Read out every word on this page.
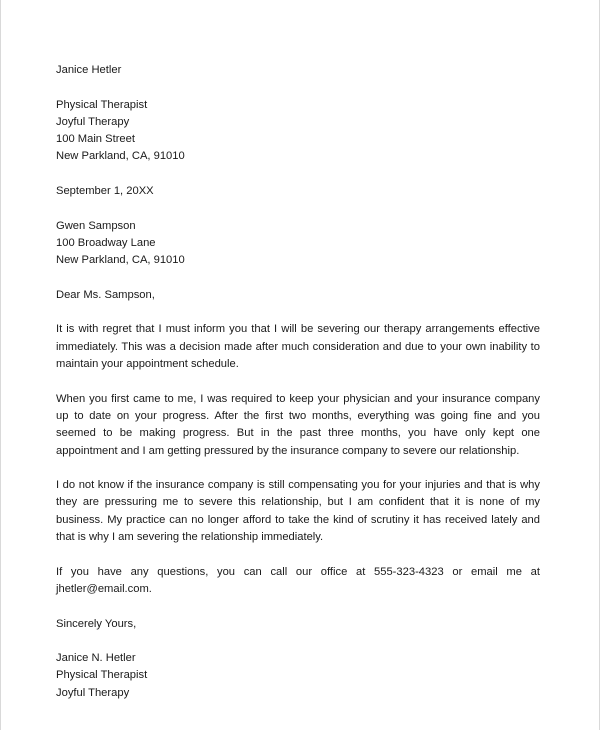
Janice Hetler
Physical Therapist
Joyful Therapy
100 Main Street
New Parkland, CA, 91010
September 1, 20XX
Gwen Sampson
100 Broadway Lane
New Parkland, CA, 91010
Dear Ms. Sampson,

It is with regret that I must inform you that I will be severing our therapy arrangements effective immediately. This was a decision made after much consideration and due to your own inability to maintain your appointment schedule.

When you first came to me, I was required to keep your physician and your insurance company up to date on your progress. After the first two months, everything was going fine and you seemed to be making progress. But in the past three months, you have only kept one appointment and I am getting pressured by the insurance company to severe our relationship.

I do not know if the insurance company is still compensating you for your injuries and that is why they are pressuring me to severe this relationship, but I am confident that it is none of my business. My practice can no longer afford to take the kind of scrutiny it has received lately and that is why I am severing the relationship immediately.

If you have any questions, you can call our office at 555-323-4323 or email me at jhetler@email.com.

Sincerely Yours,
Janice N. Hetler
Physical Therapist
Joyful Therapy
